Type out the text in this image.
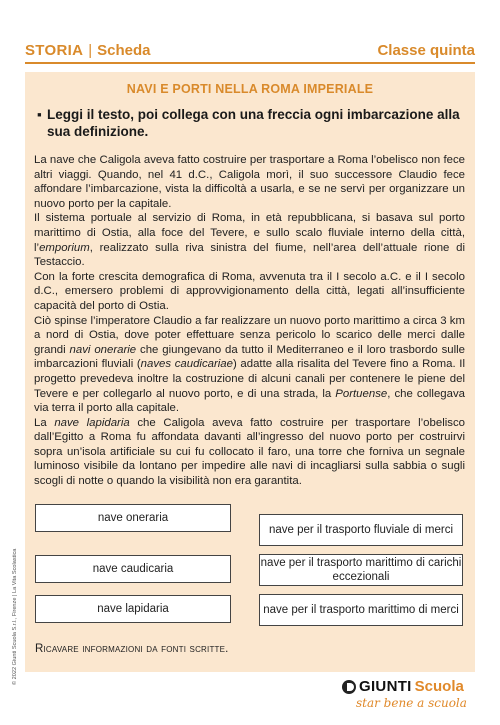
STORIA | Scheda	Classe quinta
NAVI E PORTI NELLA ROMA IMPERIALE
▪ Leggi il testo, poi collega con una freccia ogni imbarcazione alla sua definizione.

La nave che Caligola aveva fatto costruire per trasportare a Roma l’obelisco non fece altri viaggi. Quando, nel 41 d.C., Caligola morì, il suo successore Claudio fece affondare l’imbarcazione, vista la difficoltà a usarla, e se ne servì per organizzare un nuovo porto per la capitale.

Il sistema portuale al servizio di Roma, in età repubblicana, si basava sul porto marittimo di Ostia, alla foce del Tevere, e sullo scalo fluviale interno della città, l’emporium, realizzato sulla riva sinistra del fiume, nell’area dell’attuale rione di Testaccio.

Con la forte crescita demografica di Roma, avvenuta tra il I secolo a.C. e il I secolo d.C., emersero problemi di approvvigionamento della città, legati all’insufficiente capacità del porto di Ostia.

Ciò spinse l’imperatore Claudio a far realizzare un nuovo porto marittimo a circa 3 km a nord di Ostia, dove poter effettuare senza pericolo lo scarico delle merci dalle grandi navi onerarie che giungevano da tutto il Mediterraneo e il loro trasbordo sulle imbarcazioni fluviali (naves caudicariae) adatte alla risalita del Tevere fino a Roma. Il progetto prevedeva inoltre la costruzione di alcuni canali per contenere le piene del Tevere e per collegarlo al nuovo porto, e di una strada, la Portuense, che collegava via terra il porto alla capitale.

La nave lapidaria che Caligola aveva fatto costruire per trasportare l’obelisco dall’Egitto a Roma fu affondata davanti all’ingresso del nuovo porto per costruirvi sopra un’isola artificiale su cui fu collocato il faro, una torre che forniva un segnale luminoso visibile da lontano per impedire alle navi di incagliarsi sulla sabbia o sugli scogli di notte o quando la visibilità non era garantita.

nave oneraria
nave caudicaria
nave lapidaria
nave per il trasporto fluviale di merci
nave per il trasporto marittimo di carichi eccezionali
nave per il trasporto marittimo di merci
Ricavare informazioni da fonti scritte.
© 2022 Giunti Scuola S.r.l., Firenze | La Vita Scolastica
GIUNTI Scuola
star bene a scuola
